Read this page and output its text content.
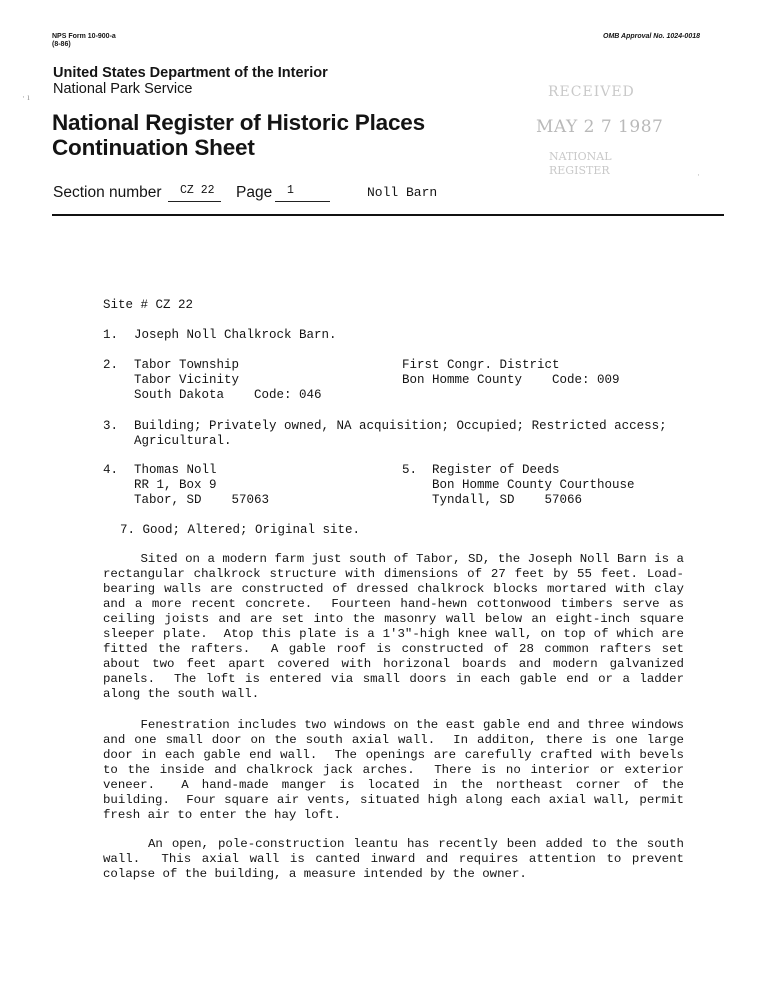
NPS Form 10-900-a
(8-86)
OMB Approval No. 1024-0018
United States Department of the Interior
National Park Service
National Register of Historic Places
Continuation Sheet
RECEIVED
MAY 2 7 1987
NATIONAL
REGISTER
· ı
·
Section number CZ 22 Page 1	Noll Barn
Site # CZ 22
1. Joseph Noll Chalkrock Barn.
2. Tabor Township
Tabor Vicinity
South Dakota    Code: 046
First Congr. District
Bon Homme County    Code: 009
3. Building; Privately owned, NA acquisition; Occupied; Restricted access;
Agricultural.
4. Thomas Noll
RR 1, Box 9
Tabor, SD    57063
5. Register of Deeds
Bon Homme County Courthouse
Tyndall, SD    57066
7. Good; Altered; Original site.
Sited on a modern farm just south of Tabor, SD, the Joseph Noll Barn is a rectangular chalkrock structure with dimensions of 27 feet by 55 feet. Load-bearing walls are constructed of dressed chalkrock blocks mortared with clay and a more recent concrete.  Fourteen hand-hewn cottonwood timbers serve as ceiling joists and are set into the masonry wall below an eight-inch square sleeper plate.  Atop this plate is a 1'3"-high knee wall, on top of which are fitted the rafters.  A gable roof is constructed of 28 common rafters set about two feet apart covered with horizonal boards and modern galvanized panels.  The loft is entered via small doors in each gable end or a ladder along the south wall.
Fenestration includes two windows on the east gable end and three windows and one small door on the south axial wall.  In additon, there is one large door in each gable end wall.  The openings are carefully crafted with bevels to the inside and chalkrock jack arches.  There is no interior or exterior veneer.  A hand-made manger is located in the northeast corner of the building.  Four square air vents, situated high along each axial wall, permit fresh air to enter the hay loft.
An open, pole-construction leantu has recently been added to the south wall.  This axial wall is canted inward and requires attention to prevent colapse of the building, a measure intended by the owner.
